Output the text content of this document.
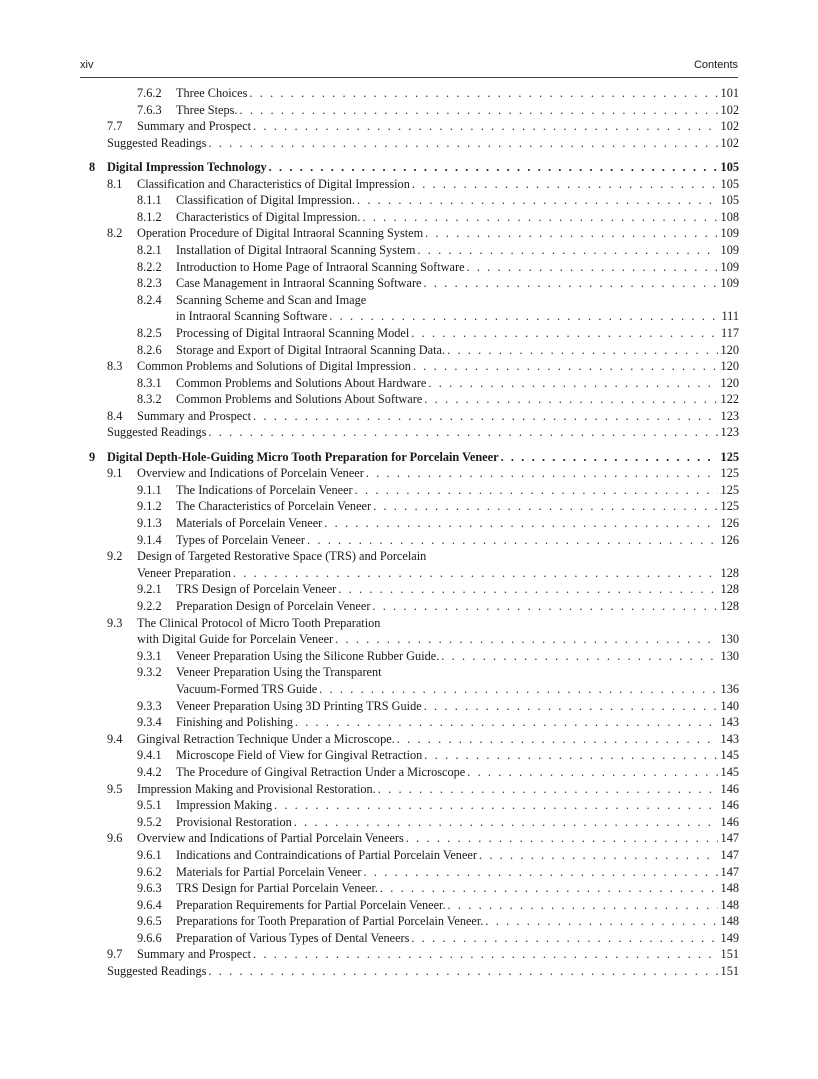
xiv	Contents
7.6.2 Three Choices . . .	101
7.6.3 Three Steps. . . .	102
7.7 Summary and Prospect . . .	102
Suggested Readings . . .	102
8 Digital Impression Technology . . .	105
8.1 Classification and Characteristics of Digital Impression . . .	105
8.1.1 Classification of Digital Impression. . . .	105
8.1.2 Characteristics of Digital Impression. . . .	108
8.2 Operation Procedure of Digital Intraoral Scanning System . . .	109
8.2.1 Installation of Digital Intraoral Scanning System . . .	109
8.2.2 Introduction to Home Page of Intraoral Scanning Software . . .	109
8.2.3 Case Management in Intraoral Scanning Software . . .	109
8.2.4 Scanning Scheme and Scan and Image
in Intraoral Scanning Software . . .	111
8.2.5 Processing of Digital Intraoral Scanning Model . . .	117
8.2.6 Storage and Export of Digital Intraoral Scanning Data. . . .	120
8.3 Common Problems and Solutions of Digital Impression . . .	120
8.3.1 Common Problems and Solutions About Hardware . . .	120
8.3.2 Common Problems and Solutions About Software . . .	122
8.4 Summary and Prospect . . .	123
Suggested Readings . . .	123
9 Digital Depth-Hole-Guiding Micro Tooth Preparation for Porcelain Veneer . . .	125
9.1 Overview and Indications of Porcelain Veneer . . .	125
9.1.1 The Indications of Porcelain Veneer . . .	125
9.1.2 The Characteristics of Porcelain Veneer . . .	125
9.1.3 Materials of Porcelain Veneer . . .	126
9.1.4 Types of Porcelain Veneer . . .	126
9.2 Design of Targeted Restorative Space (TRS) and Porcelain
Veneer Preparation . . .	128
9.2.1 TRS Design of Porcelain Veneer . . .	128
9.2.2 Preparation Design of Porcelain Veneer . . .	128
9.3 The Clinical Protocol of Micro Tooth Preparation
with Digital Guide for Porcelain Veneer . . .	130
9.3.1 Veneer Preparation Using the Silicone Rubber Guide. . . .	130
9.3.2 Veneer Preparation Using the Transparent
Vacuum-Formed TRS Guide . . .	136
9.3.3 Veneer Preparation Using 3D Printing TRS Guide . . .	140
9.3.4 Finishing and Polishing . . .	143
9.4 Gingival Retraction Technique Under a Microscope. . . .	143
9.4.1 Microscope Field of View for Gingival Retraction . . .	145
9.4.2 The Procedure of Gingival Retraction Under a Microscope . . .	145
9.5 Impression Making and Provisional Restoration. . . .	146
9.5.1 Impression Making . . .	146
9.5.2 Provisional Restoration . . .	146
9.6 Overview and Indications of Partial Porcelain Veneers . . .	147
9.6.1 Indications and Contraindications of Partial Porcelain Veneer . . .	147
9.6.2 Materials for Partial Porcelain Veneer . . .	147
9.6.3 TRS Design for Partial Porcelain Veneer. . . .	148
9.6.4 Preparation Requirements for Partial Porcelain Veneer. . . .	148
9.6.5 Preparations for Tooth Preparation of Partial Porcelain Veneer. . . .	148
9.6.6 Preparation of Various Types of Dental Veneers . . .	149
9.7 Summary and Prospect . . .	151
Suggested Readings . . .	151
